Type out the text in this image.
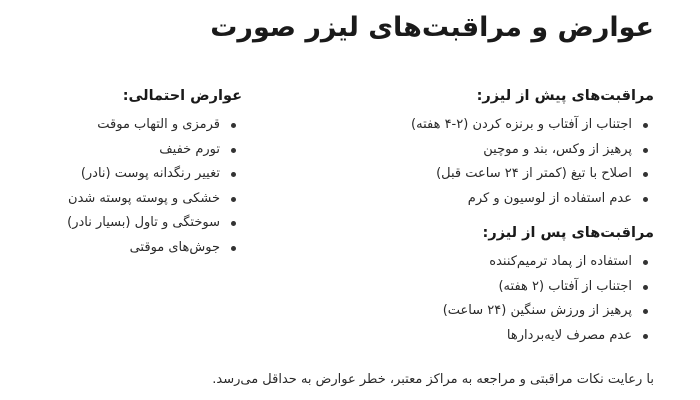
عوارض و مراقبت‌های لیزر صورت
مراقبت‌های پیش از لیزر:
اجتناب از آفتاب و برنزه کردن (۲-۴ هفته)
پرهیز از وکس، بند و موچین
اصلاح با تیغ (کمتر از ۲۴ ساعت قبل)
عدم استفاده از لوسیون و کرم
مراقبت‌های پس از لیزر:
استفاده از پماد ترمیم‌کننده
اجتناب از آفتاب (۲ هفته)
پرهیز از ورزش سنگین (۲۴ ساعت)
عدم مصرف لایه‌بردارها
عوارض احتمالی:
قرمزی و التهاب موقت
تورم خفیف
تغییر رنگدانه پوست (نادر)
خشکی و پوسته پوسته شدن
سوختگی و تاول (بسیار نادر)
جوش‌های موقتی

با رعایت نکات مراقبتی و مراجعه به مراکز معتبر، خطر عوارض به حداقل می‌رسد.
